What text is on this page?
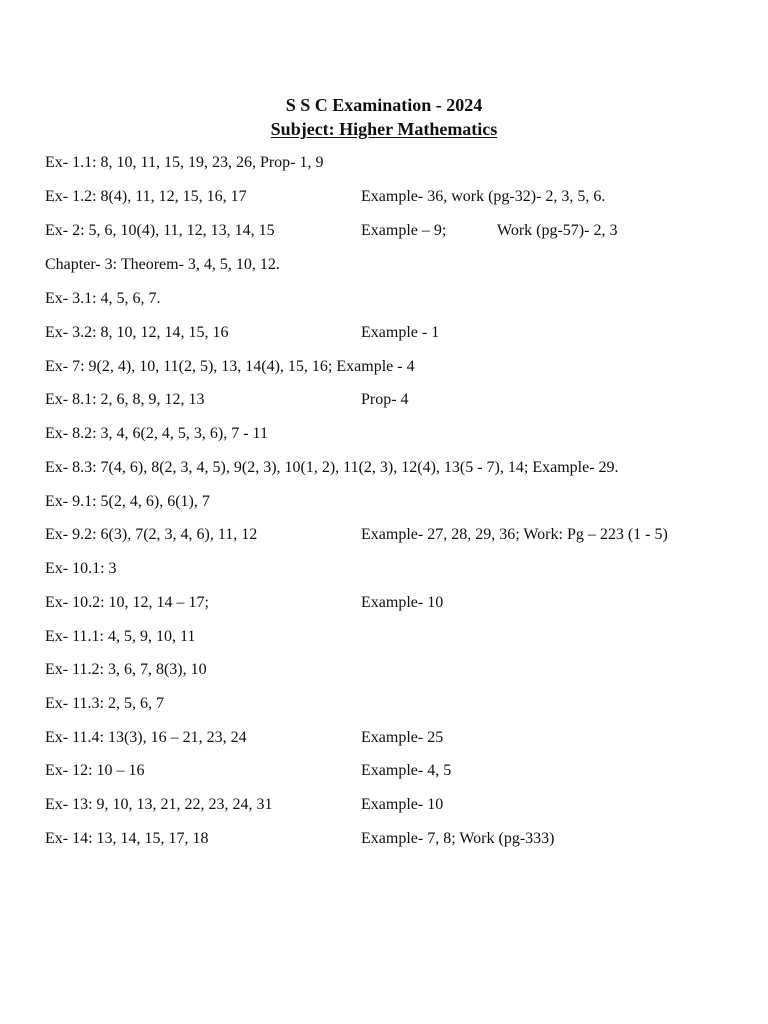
S S C Examination - 2024
Subject: Higher Mathematics
Ex- 1.1: 8, 10, 11, 15, 19, 23, 26, Prop- 1, 9
Ex- 1.2: 8(4), 11, 12, 15, 16, 17	Example- 36, work (pg-32)- 2, 3, 5, 6.
Ex- 2: 5, 6, 10(4), 11, 12, 13, 14, 15	Example – 9;	Work (pg-57)- 2, 3
Chapter- 3: Theorem- 3, 4, 5, 10, 12.
Ex- 3.1: 4, 5, 6, 7.
Ex- 3.2: 8, 10, 12, 14, 15, 16	Example - 1
Ex- 7: 9(2, 4), 10, 11(2, 5), 13, 14(4), 15, 16; Example - 4
Ex- 8.1: 2, 6, 8, 9, 12, 13	Prop- 4
Ex- 8.2: 3, 4, 6(2, 4, 5, 3, 6), 7 - 11
Ex- 8.3: 7(4, 6), 8(2, 3, 4, 5), 9(2, 3), 10(1, 2), 11(2, 3), 12(4), 13(5 - 7), 14; Example- 29.
Ex- 9.1: 5(2, 4, 6), 6(1), 7
Ex- 9.2: 6(3), 7(2, 3, 4, 6), 11, 12	Example- 27, 28, 29, 36; Work: Pg – 223 (1 - 5)
Ex- 10.1: 3
Ex- 10.2: 10, 12, 14 – 17;	Example- 10
Ex- 11.1: 4, 5, 9, 10, 11
Ex- 11.2: 3, 6, 7, 8(3), 10
Ex- 11.3: 2, 5, 6, 7
Ex- 11.4: 13(3), 16 – 21, 23, 24	Example- 25
Ex- 12: 10 – 16	Example- 4, 5
Ex- 13: 9, 10, 13, 21, 22, 23, 24, 31	Example- 10
Ex- 14: 13, 14, 15, 17, 18	Example- 7, 8; Work (pg-333)
